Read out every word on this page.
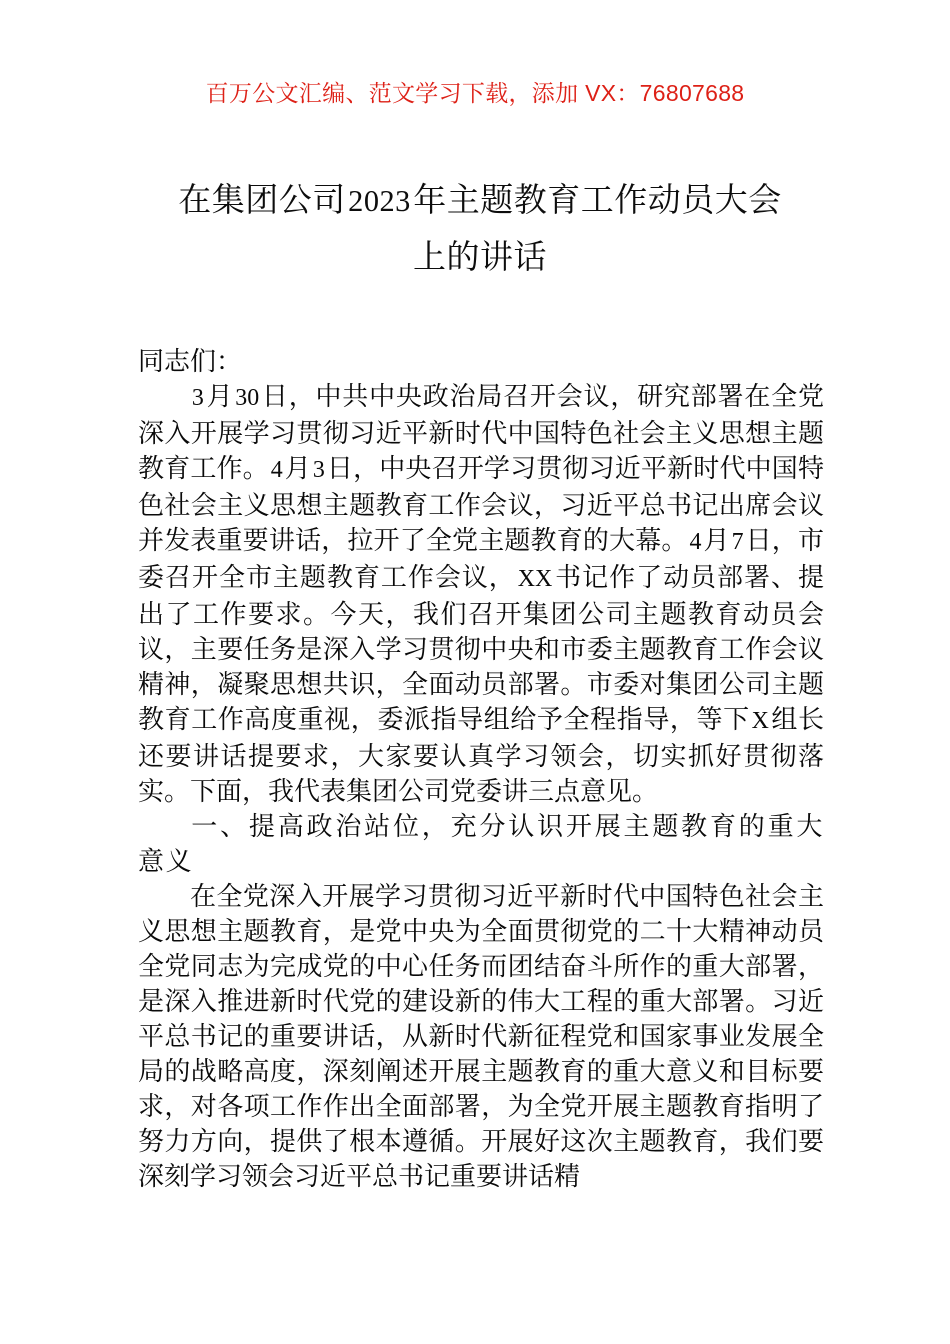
百万公文汇编、范文学习下载，添加 VX：76807688
在集团公司2023年主题教育工作动员大会
上的讲话

同志们：

3月30日，中共中央政治局召开会议，研究部署在全党深入开展学习贯彻习近平新时代中国特色社会主义思想主题教育工作。4月3日，中央召开学习贯彻习近平新时代中国特色社会主义思想主题教育工作会议，习近平总书记出席会议并发表重要讲话，拉开了全党主题教育的大幕。4月7日，市委召开全市主题教育工作会议，XX书记作了动员部署、提出了工作要求。今天，我们召开集团公司主题教育动员会议，主要任务是深入学习贯彻中央和市委主题教育工作会议精神，凝聚思想共识，全面动员部署。市委对集团公司主题教育工作高度重视，委派指导组给予全程指导，等下X组长还要讲话提要求，大家要认真学习领会，切实抓好贯彻落实。下面，我代表集团公司党委讲三点意见。

一、提高政治站位，充分认识开展主题教育的重大意义

在全党深入开展学习贯彻习近平新时代中国特色社会主义思想主题教育，是党中央为全面贯彻党的二十大精神动员全党同志为完成党的中心任务而团结奋斗所作的重大部署，是深入推进新时代党的建设新的伟大工程的重大部署。习近平总书记的重要讲话，从新时代新征程党和国家事业发展全局的战略高度，深刻阐述开展主题教育的重大意义和目标要求，对各项工作作出全面部署，为全党开展主题教育指明了努力方向，提供了根本遵循。开展好这次主题教育，我们要深刻学习领会习近平总书记重要讲话精
